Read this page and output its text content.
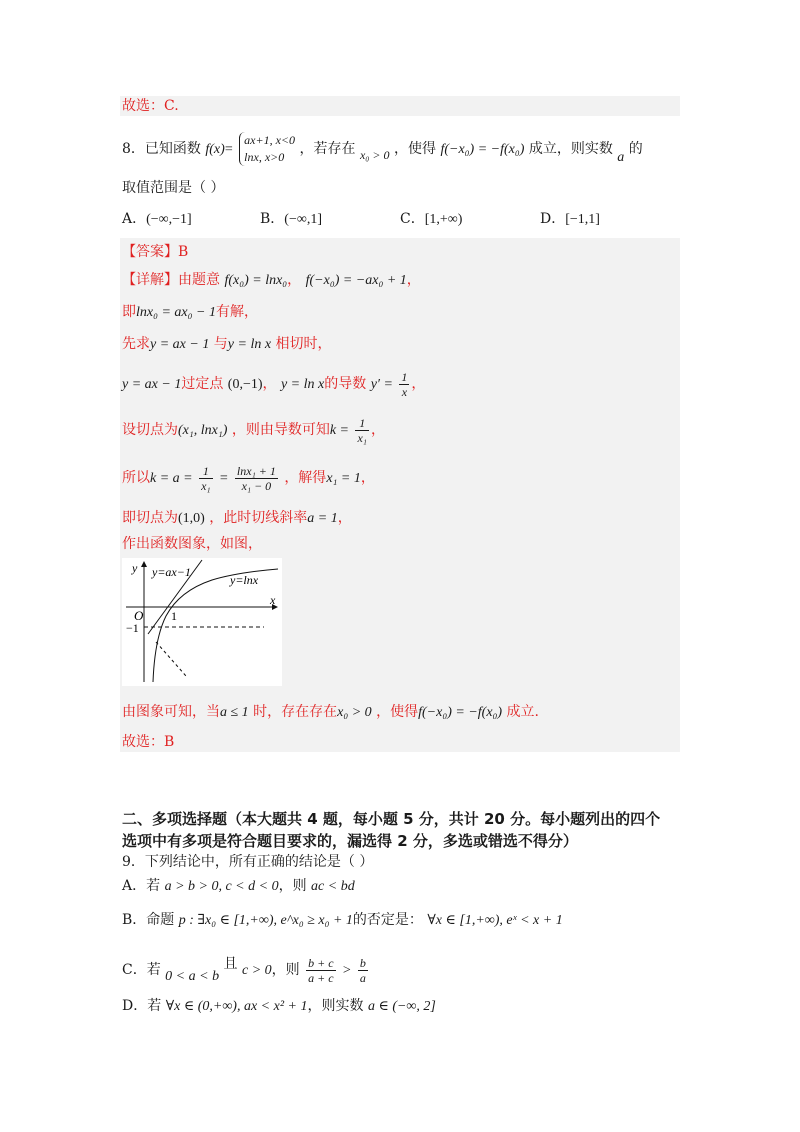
故选：C.
8．已知函数 f(x)=
ax+1, x<0
lnx, x>0	，若存在 x₀ > 0 ，使得 f(−x₀) = −f(x₀) 成立，则实数 a 的
取值范围是（ ）
A．(−∞,−1]	B．(−∞,1]	C．[1,+∞)	D．[−1,1]
【答案】B
【详解】由题意 f(x₀) = lnx₀， f(−x₀) = −ax₀ + 1，
即lnx₀ = ax₀ − 1有解，
先求y = ax − 1 与y = ln x 相切时，
y = ax − 1过定点 (0,−1)， y = ln x的导数 $y' = \frac{1}{x}$ ，
设切点为(x₁, lnx₁) ，则由导数可知$k = \frac{1}{\text{x₁}}$ ，
所以$k = a = \frac{1}{\text{x₁}} = \frac{\text{lnx₁ + 1}}{\text{x₁ − 0}}$ ，解得x₁ = 1，
即切点为(1,0) ，此时切线斜率a = 1，
作出函数图象，如图，
y
x
O 1
−1
y=ax−1
y=lnx
由图象可知，当a ≤ 1 时，存在存在x₀ > 0 ，使得f(−x₀) = −f(x₀) 成立.
故选：B
二、多项选择题（本大题共 4 题，每小题 5 分，共计 20 分。每小题列出的四个
选项中有多项是符合题目要求的，漏选得 2 分，多选或错选不得分）
9．下列结论中，所有正确的结论是（ ）
A．若 a > b > 0, c < d < 0，则 ac < bd
B．命题 p : ∃x₀ ∈ [1,+∞), e^x₀ ≥ x₀ + 1的否定是： ∀x ∈ [1,+∞), eˣ < x + 1
C．若 0 < a < b 且 c > 0，则 $\frac{b + c}{a + c} > \frac{b}{a}$
D．若 ∀x ∈ (0,+∞), ax < x² + 1，则实数 a ∈ (−∞, 2]
